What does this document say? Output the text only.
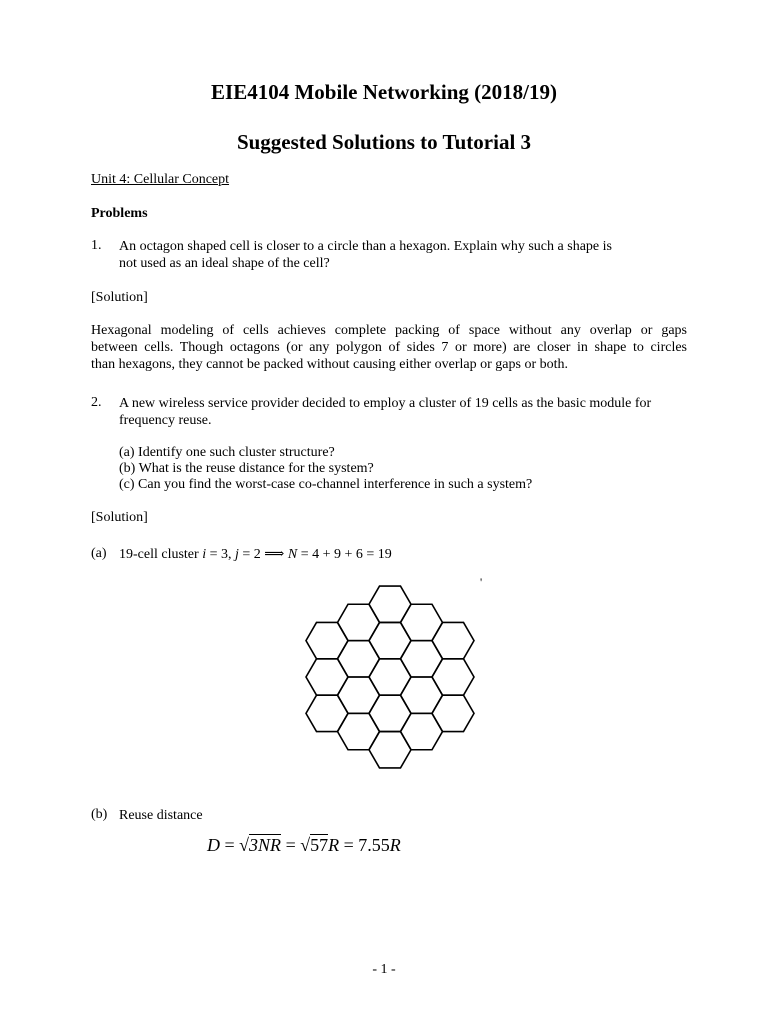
EIE4104 Mobile Networking (2018/19)
Suggested Solutions to Tutorial 3
Unit 4: Cellular Concept
Problems
1. An octagon shaped cell is closer to a circle than a hexagon. Explain why such a shape is
not used as an ideal shape of the cell?
[Solution]
Hexagonal modeling of cells achieves complete packing of space without any overlap or gaps
between cells. Though octagons (or any polygon of sides 7 or more) are closer in shape to circles
than hexagons, they cannot be packed without causing either overlap or gaps or both.
2. A new wireless service provider decided to employ a cluster of 19 cells as the basic module for
frequency reuse.
(a) Identify one such cluster structure?
(b) What is the reuse distance for the system?
(c) Can you find the worst-case co-channel interference in such a system?
[Solution]
(a) 19-cell cluster i = 3, j = 2 ⟹ N = 4 + 9 + 6 = 19
'
(b) Reuse distance
D = √3NR = √57R = 7.55R
- 1 -
